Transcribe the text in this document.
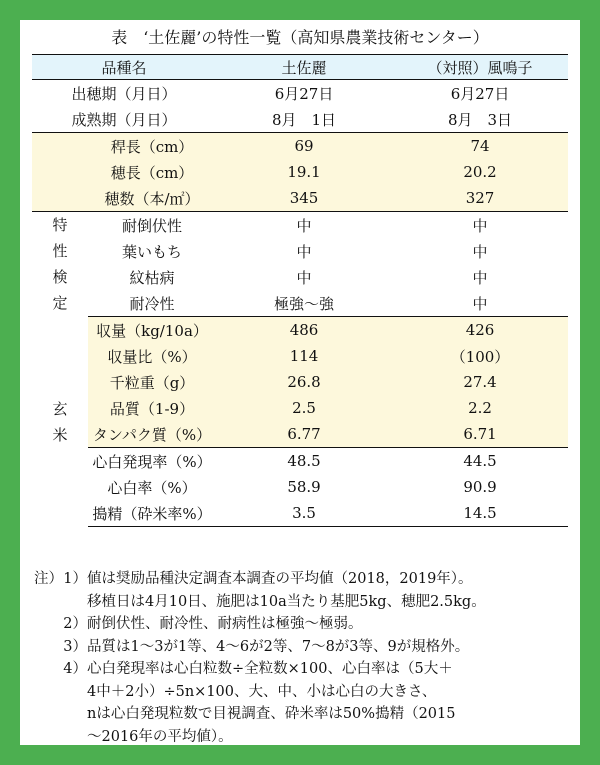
表　‘土佐麗’の特性一覧（高知県農業技術センター）
品種名		土佐麗	（対照）風鳴子
出穂期（月日）		6月27日	6月27日
成熟期（月日）		8月　1日	8月　3日
	稈長（cm）	69	74
	穂長（cm）	19.1	20.2
	穂数（本/㎡）	345	327

特
性
検
定	耐倒伏性	中	中
	葉いもち	中	中
	紋枯病	中	中
	耐冷性	極強～強	中

玄
米	収量（kg/10a）	486	426
	収量比（%）	114	（100）
	千粒重（g）	26.8	27.4
	品質（1-9）	2.5	2.2
	タンパク質（%）	6.77	6.71
	心白発現率（%）	48.5	44.5
	心白率（%）	58.9	90.9
	搗精（砕米率%）	3.5	14.5
注） 1） 値は奨励品種決定調査本調査の平均値（2018，2019年）。
移植日は4月10日、施肥は10a当たり基肥5kg、穂肥2.5kg。
2） 耐倒伏性、耐冷性、耐病性は極強～極弱。
3） 品質は1～3が1等、4～6が2等、7～8が3等、9が規格外。
4） 心白発現率は心白粒数÷全粒数×100、心白率は（5大＋
4中＋2小）÷5n×100、大、中、小は心白の大きさ、
nは心白発現粒数で目視調査、砕米率は50%搗精（2015
～2016年の平均値）。
